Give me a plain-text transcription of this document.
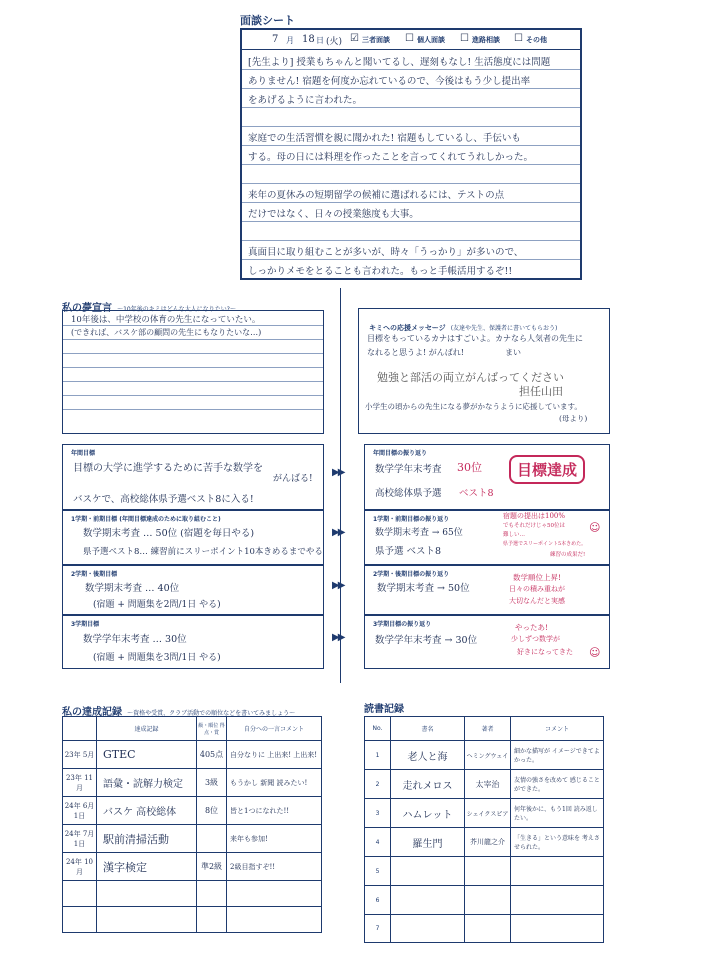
面談シート
7 月 18 日 (火) ☑ 三者面談 ☐ 個人面談 ☐ 進路相談 ☐ その他
[先生より] 授業もちゃんと聞いてるし、遅刻もなし! 生活態度には問題
ありません! 宿題を何度か忘れているので、今後はもう少し提出率
をあげるように言われた。
家庭での生活習慣を親に聞かれた! 宿題もしているし、手伝いも
する。母の日には料理を作ったことを言ってくれてうれしかった。
来年の夏休みの短期留学の候補に選ばれるには、テストの点
だけではなく、日々の授業態度も大事。
真面目に取り組むことが多いが、時々「うっかり」が多いので、
しっかりメモをとることも言われた。もっと手帳活用するぞ!!
私の夢宣言 ～10年後のキミはどんな大人になりたい?～
10年後は、中学校の体育の先生になっていたい。
(できれば、バスケ部の顧問の先生にもなりたいな…)	キミへの応援メッセージ (友達や先生、保護者に書いてもらおう)
目標をもっているカナはすごいよ。カナなら人気者の先生に
なれると思うよ! がんばれ!	まい
勉強と部活の両立がんばってください
担任山田
小学生の頃からの先生になる夢がかなうように応援しています。
(母より)
年間目標
目標の大学に進学するために苦手な数学を
がんばる!
バスケで、高校総体県予選ベスト8に入る!
1学期・前期目標 (年間目標達成のために取り組むこと)
数学期末考査 … 50位 (宿題を毎日やる)
県予選ベスト8… 練習前にスリーポイント10本きめるまでやる
2学期・後期目標
数学期末考査 … 40位
(宿題 + 問題集を2問/1日 やる)
3学期目標
数学学年末考査 … 30位
(宿題 + 問題集を3問/1日 やる)
▶▶
▶▶
▶▶
▶▶
年間目標の振り返り
数学学年末考査 30位
高校総体県予選 ベスト8
目標達成
1学期・前期目標の振り返り
数学期末考査 → 65位
県予選 ベスト8
宿題の提出は100%
でもそれだけじゃ50位は
難しい…
県予選でスリーポイント5本きめた。
練習の成果だ!
☺
2学期・後期目標の振り返り
数学期末考査 → 50位
数学順位上昇!
日々の積み重ねが
大切なんだと実感
3学期目標の振り返り
数学学年末考査 → 30位
やったあ!
少しずつ数学が
好きになってきた ☺
私の達成記録 ～資格や受賞、クラブ活動での順位などを書いてみましょう～
	達成記録	級・順位 得点・賞	自分への一言コメント
23年 5月	GTEC	405点	自分なりに 上出来! 上出来!
23年 11月	語彙・読解力検定	3級	もうかし 新聞 読みたい!
24年 6月1日	バスケ 高校総体	8位	皆と1つになれた!!
24年 7月1日	駅前清掃活動		来年も参加!
24年 10月	漢字検定	準2級	2級目指すぞ!!

読書記録
No.	書名	著者	コメント
1	老人と海	ヘミングウェイ	細かな描写が イメージできてよかった。
2	走れメロス	太宰治	友情の強さを改めて 感じることができた。
3	ハムレット	シェイクスピア	何年後かに、もう1回 読み返したい。
4	羅生門	芥川龍之介	「生きる」という意味を 考えさせられた。
5			
6			
7			
